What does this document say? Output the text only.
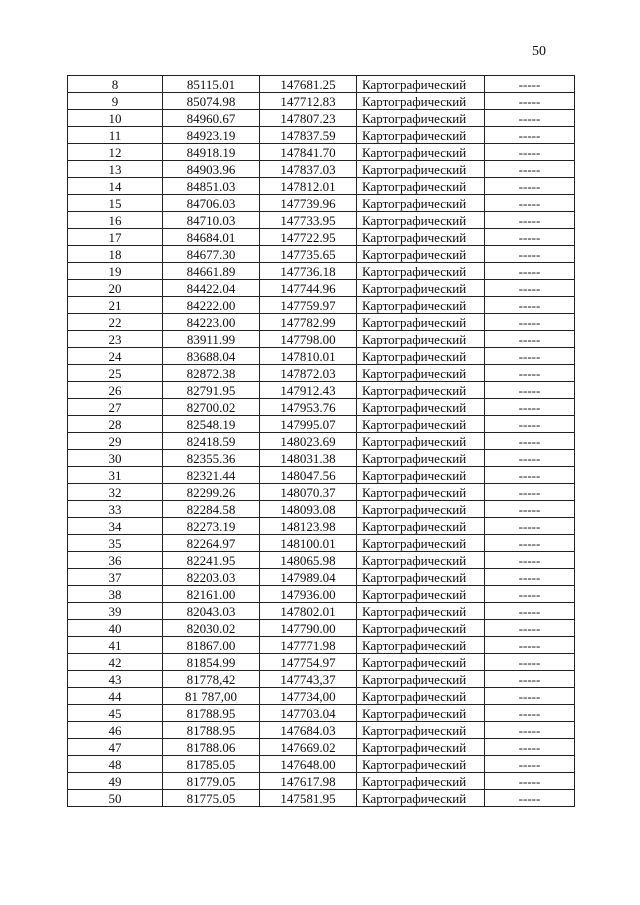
50
8	85115.01	147681.25	Картографический	-----
9	85074.98	147712.83	Картографический	-----
10	84960.67	147807.23	Картографический	-----
11	84923.19	147837.59	Картографический	-----
12	84918.19	147841.70	Картографический	-----
13	84903.96	147837.03	Картографический	-----
14	84851.03	147812.01	Картографический	-----
15	84706.03	147739.96	Картографический	-----
16	84710.03	147733.95	Картографический	-----
17	84684.01	147722.95	Картографический	-----
18	84677.30	147735.65	Картографический	-----
19	84661.89	147736.18	Картографический	-----
20	84422.04	147744.96	Картографический	-----
21	84222.00	147759.97	Картографический	-----
22	84223.00	147782.99	Картографический	-----
23	83911.99	147798.00	Картографический	-----
24	83688.04	147810.01	Картографический	-----
25	82872.38	147872.03	Картографический	-----
26	82791.95	147912.43	Картографический	-----
27	82700.02	147953.76	Картографический	-----
28	82548.19	147995.07	Картографический	-----
29	82418.59	148023.69	Картографический	-----
30	82355.36	148031.38	Картографический	-----
31	82321.44	148047.56	Картографический	-----
32	82299.26	148070.37	Картографический	-----
33	82284.58	148093.08	Картографический	-----
34	82273.19	148123.98	Картографический	-----
35	82264.97	148100.01	Картографический	-----
36	82241.95	148065.98	Картографический	-----
37	82203.03	147989.04	Картографический	-----
38	82161.00	147936.00	Картографический	-----
39	82043.03	147802.01	Картографический	-----
40	82030.02	147790.00	Картографический	-----
41	81867.00	147771.98	Картографический	-----
42	81854.99	147754.97	Картографический	-----
43	81778,42	147743,37	Картографический	-----
44	81 787,00	147734,00	Картографический	-----
45	81788.95	147703.04	Картографический	-----
46	81788.95	147684.03	Картографический	-----
47	81788.06	147669.02	Картографический	-----
48	81785.05	147648.00	Картографический	-----
49	81779.05	147617.98	Картографический	-----
50	81775.05	147581.95	Картографический	-----
